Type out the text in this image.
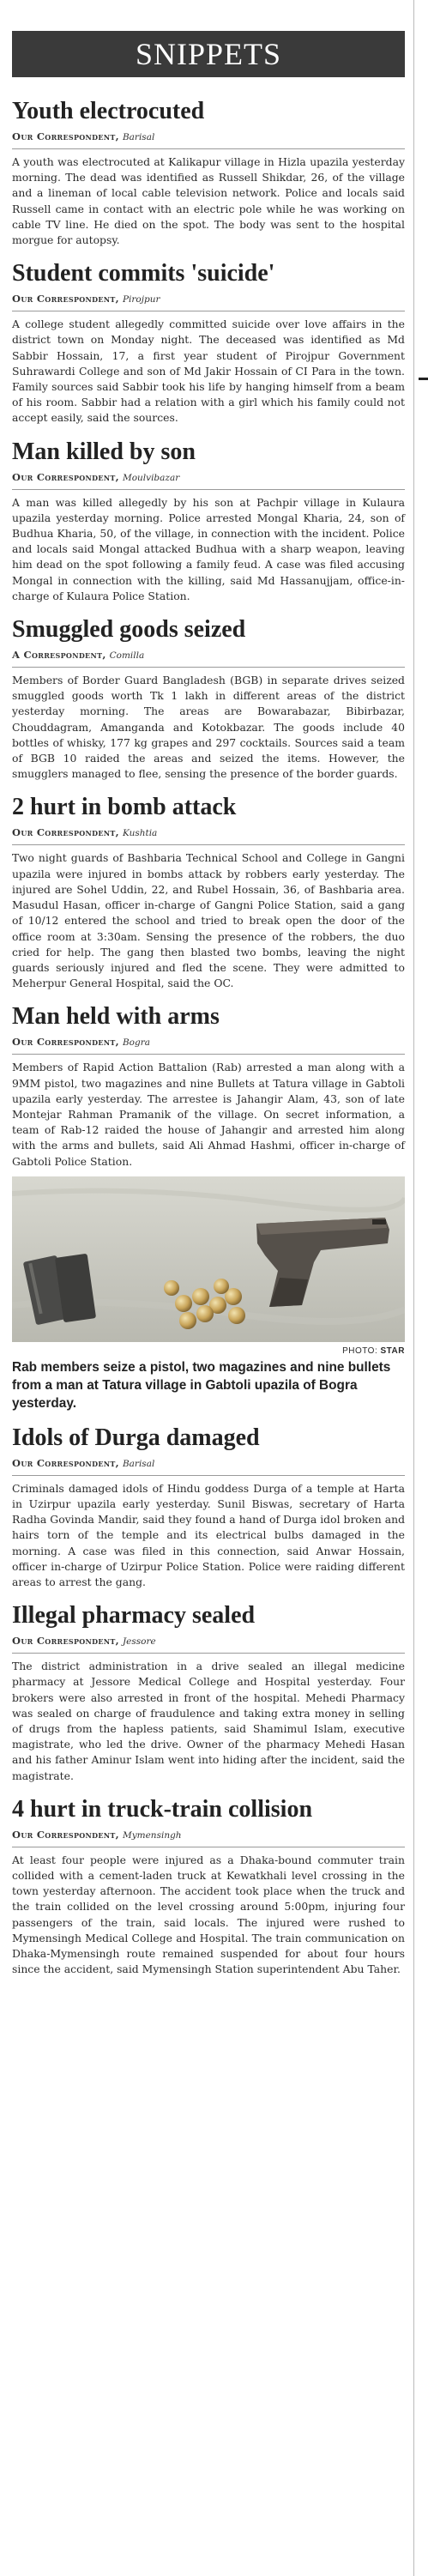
SNIPPETS
Youth electrocuted
Our Correspondent, Barisal

A youth was electrocuted at Kalikapur village in Hizla upazila yesterday morning. The dead was identified as Russell Shikdar, 26, of the village and a lineman of local cable television network. Police and locals said Russell came in contact with an electric pole while he was working on cable TV line. He died on the spot. The body was sent to the hospital morgue for autopsy.

Student commits 'suicide'
Our Correspondent, Pirojpur

A college student allegedly committed suicide over love affairs in the district town on Monday night. The deceased was identified as Md Sabbir Hossain, 17, a first year student of Pirojpur Government Suhrawardi College and son of Md Jakir Hossain of CI Para in the town. Family sources said Sabbir took his life by hanging himself from a beam of his room. Sabbir had a relation with a girl which his family could not accept easily, said the sources.

Man killed by son
Our Correspondent, Moulvibazar

A man was killed allegedly by his son at Pachpir village in Kulaura upazila yesterday morning. Police arrested Mongal Kharia, 24, son of Budhua Kharia, 50, of the village, in connection with the incident. Police and locals said Mongal attacked Budhua with a sharp weapon, leaving him dead on the spot following a family feud. A case was filed accusing Mongal in connection with the killing, said Md Hassanujjam, office-in-charge of Kulaura Police Station.

Smuggled goods seized
A Correspondent, Comilla

Members of Border Guard Bangladesh (BGB) in separate drives seized smuggled goods worth Tk 1 lakh in different areas of the district yesterday morning. The areas are Bowarabazar, Bibirbazar, Chouddagram, Amanganda and Kotokbazar. The goods include 40 bottles of whisky, 177 kg grapes and 297 cocktails. Sources said a team of BGB 10 raided the areas and seized the items. However, the smugglers managed to flee, sensing the presence of the border guards.

2 hurt in bomb attack
Our Correspondent, Kushtia

Two night guards of Bashbaria Technical School and College in Gangni upazila were injured in bombs attack by robbers early yesterday. The injured are Sohel Uddin, 22, and Rubel Hossain, 36, of Bashbaria area. Masudul Hasan, officer in-charge of Gangni Police Station, said a gang of 10/12 entered the school and tried to break open the door of the office room at 3:30am. Sensing the presence of the robbers, the duo cried for help. The gang then blasted two bombs, leaving the night guards seriously injured and fled the scene. They were admitted to Meherpur General Hospital, said the OC.

Man held with arms
Our Correspondent, Bogra

Members of Rapid Action Battalion (Rab) arrested a man along with a 9MM pistol, two magazines and nine Bullets at Tatura village in Gabtoli upazila early yesterday. The arrestee is Jahangir Alam, 43, son of late Montejar Rahman Pramanik of the village. On secret information, a team of Rab-12 raided the house of Jahangir and arrested him along with the arms and bullets, said Ali Ahmad Hashmi, officer in-charge of Gabtoli Police Station.

PHOTO: STAR

Rab members seize a pistol, two magazines and nine bullets from a man at Tatura village in Gabtoli upazila of Bogra yesterday.

Idols of Durga damaged
Our Correspondent, Barisal

Criminals damaged idols of Hindu goddess Durga of a temple at Harta in Uzirpur upazila early yesterday. Sunil Biswas, secretary of Harta Radha Govinda Mandir, said they found a hand of Durga idol broken and hairs torn of the temple and its electrical bulbs damaged in the morning. A case was filed in this connection, said Anwar Hossain, officer in-charge of Uzirpur Police Station. Police were raiding different areas to arrest the gang.

Illegal pharmacy sealed
Our Correspondent, Jessore

The district administration in a drive sealed an illegal medicine pharmacy at Jessore Medical College and Hospital yesterday. Four brokers were also arrested in front of the hospital. Mehedi Pharmacy was sealed on charge of fraudulence and taking extra money in selling of drugs from the hapless patients, said Shamimul Islam, executive magistrate, who led the drive. Owner of the pharmacy Mehedi Hasan and his father Aminur Islam went into hiding after the incident, said the magistrate.

4 hurt in truck-train collision
Our Correspondent, Mymensingh

At least four people were injured as a Dhaka-bound commuter train collided with a cement-laden truck at Kewatkhali level crossing in the town yesterday afternoon. The accident took place when the truck and the train collided on the level crossing around 5:00pm, injuring four passengers of the train, said locals. The injured were rushed to Mymensingh Medical College and Hospital. The train communication on Dhaka-Mymensingh route remained suspended for about four hours since the accident, said Mymensingh Station superintendent Abu Taher.
